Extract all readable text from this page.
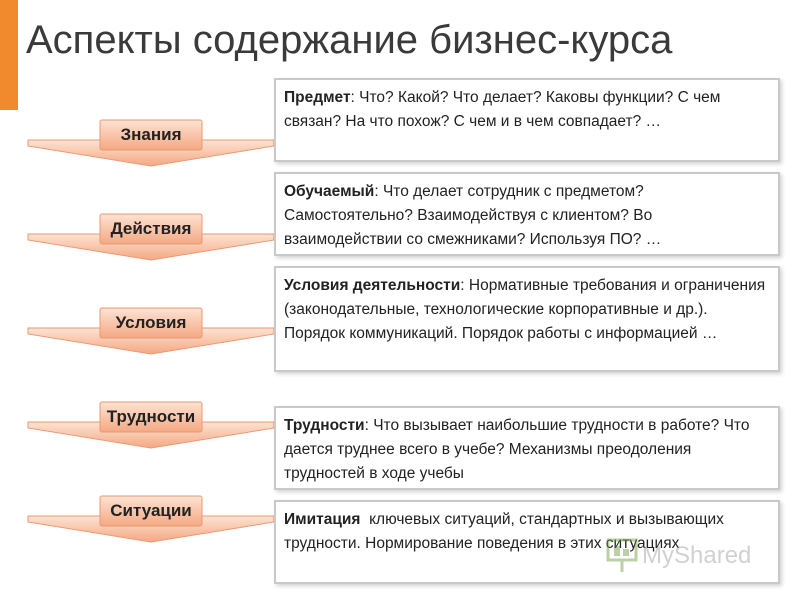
Аспекты содержание бизнес-курса
Знания
Предмет: Что? Какой? Что делает? Каковы функции? С чем связан? На что похож? С чем и в чем совпадает? …
Действия
Обучаемый: Что делает сотрудник с предметом? Самостоятельно? Взаимодействуя с клиентом? Во взаимодействии со смежниками? Используя ПО? …
Условия
Условия деятельности: Нормативные требования и ограничения (законодательные, технологические корпоративные и др.). Порядок коммуникаций. Порядок работы с информацией …
Трудности	Трудности: Что вызывает наибольшие трудности в работе? Что дается труднее всего в учебе? Механизмы преодоления трудностей в ходе учебы
Ситуации	Имитация  ключевых ситуаций, стандартных и вызывающих трудности. Нормирование поведения в этих ситуациях
MyShared
